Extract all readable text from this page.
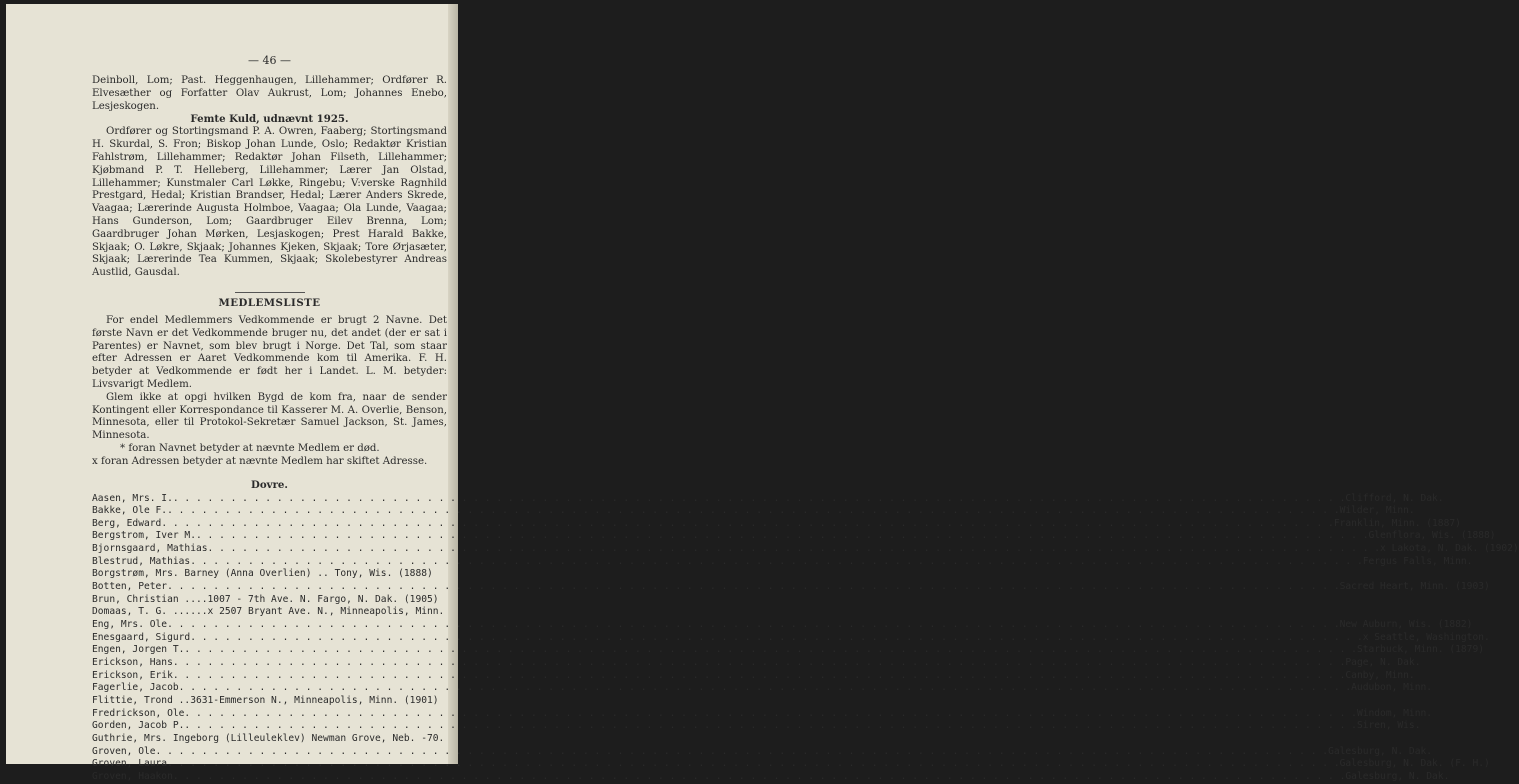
— 46 —

Deinboll, Lom; Past. Heggenhaugen, Lillehammer; Ordfører R. Elvesæther og Forfatter Olav Aukrust, Lom; Johannes Enebo, Lesjeskogen.

Femte Kuld, udnævnt 1925.

Ordfører og Stortingsmand P. A. Owren, Faaberg; Stortingsmand H. Skurdal, S. Fron; Biskop Johan Lunde, Oslo; Redaktør Kristian Fahlstrøm, Lillehammer; Redaktør Johan Filseth, Lillehammer; Kjøbmand P. T. Helleberg, Lillehammer; Lærer Jan Olstad, Lillehammer; Kunstmaler Carl Løkke, Ringebu; V:verske Ragnhild Prestgard, Hedal; Kristian Brandser, Hedal; Lærer Anders Skrede, Vaagaa; Lærerinde Augusta Holmboe, Vaagaa; Ola Lunde, Vaagaa; Hans Gunderson, Lom; Gaardbruger Eilev Brenna, Lom; Gaardbruger Johan Mørken, Lesjaskogen; Prest Harald Bakke, Skjaak; O. Løkre, Skjaak; Johannes Kjeken, Skjaak; Tore Ørjasæter, Skjaak; Lærerinde Tea Kummen, Skjaak; Skolebestyrer Andreas Austlid, Gausdal.

MEDLEMSLISTE

For endel Medlemmers Vedkommende er brugt 2 Navne. Det første Navn er det Vedkommende bruger nu, det andet (der er sat i Parentes) er Navnet, som blev brugt i Norge. Det Tal, som staar efter Adressen er Aaret Vedkommende kom til Amerika. F. H. betyder at Vedkommende er født her i Landet. L. M. betyder: Livsvarigt Medlem.

Glem ikke at opgi hvilken Bygd de kom fra, naar de sender Kontingent eller Korrespondance til Kasserer M. A. Overlie, Benson, Minnesota, eller til Protokol-Sekretær Samuel Jackson, St. James, Minnesota.

* foran Navnet betyder at nævnte Medlem er død.

x foran Adressen betyder at nævnte Medlem har skiftet Adresse.

Dovre.
Aasen, Mrs. I. . . .	Clifford, N. Dak.
Bakke, Ole F. . . .	Wilder, Minn.
Berg, Edward . . .	Franklin, Minn. (1887)
Bergstrom, Iver M. . . .	Glenflora, Wis. (1888)
Bjornsgaard, Mathias . . .	x Lakota, N. Dak. (1902)
Blestrud, Mathias . . .	Fergus Falls, Minn.
Borgstrøm, Mrs. Barney (Anna Overlien) .. Tony, Wis. (1888)
Botten, Peter . . .	Sacred Heart, Minn. (1903)
Brun, Christian ....1007 - 7th Ave. N. Fargo, N. Dak. (1905)
Domaas, T. G. ......x 2507 Bryant Ave. N., Minneapolis, Minn.
Eng, Mrs. Ole . . .	New Auburn, Wis. (1882)
Enesgaard, Sigurd . . .	x Seattle, Washington.
Engen, Jorgen T. . . .	Starbuck, Minn. (1879)
Erickson, Hans . . .	Page, N. Dak.
Erickson, Erik . . .	Canby, Minn.
Fagerlie, Jacob . . .	Audubon, Minn.
Flittie, Trond ..3631-Emmerson N., Minneapolis, Minn. (1901)
Fredrickson, Ole . . .	Windom, Minn.
Gorden, Jacob P. . . .	Siren, Wis.
Guthrie, Mrs. Ingeborg (Lilleuleklev) Newman Grove, Neb. -70.
Groven, Ole . . .	Galesburg, N. Dak.
Groven, Laura . . .	Galesburg, N. Dak. (F. H.)
Groven, Haakon . . .	Galesburg, N. Dak.
